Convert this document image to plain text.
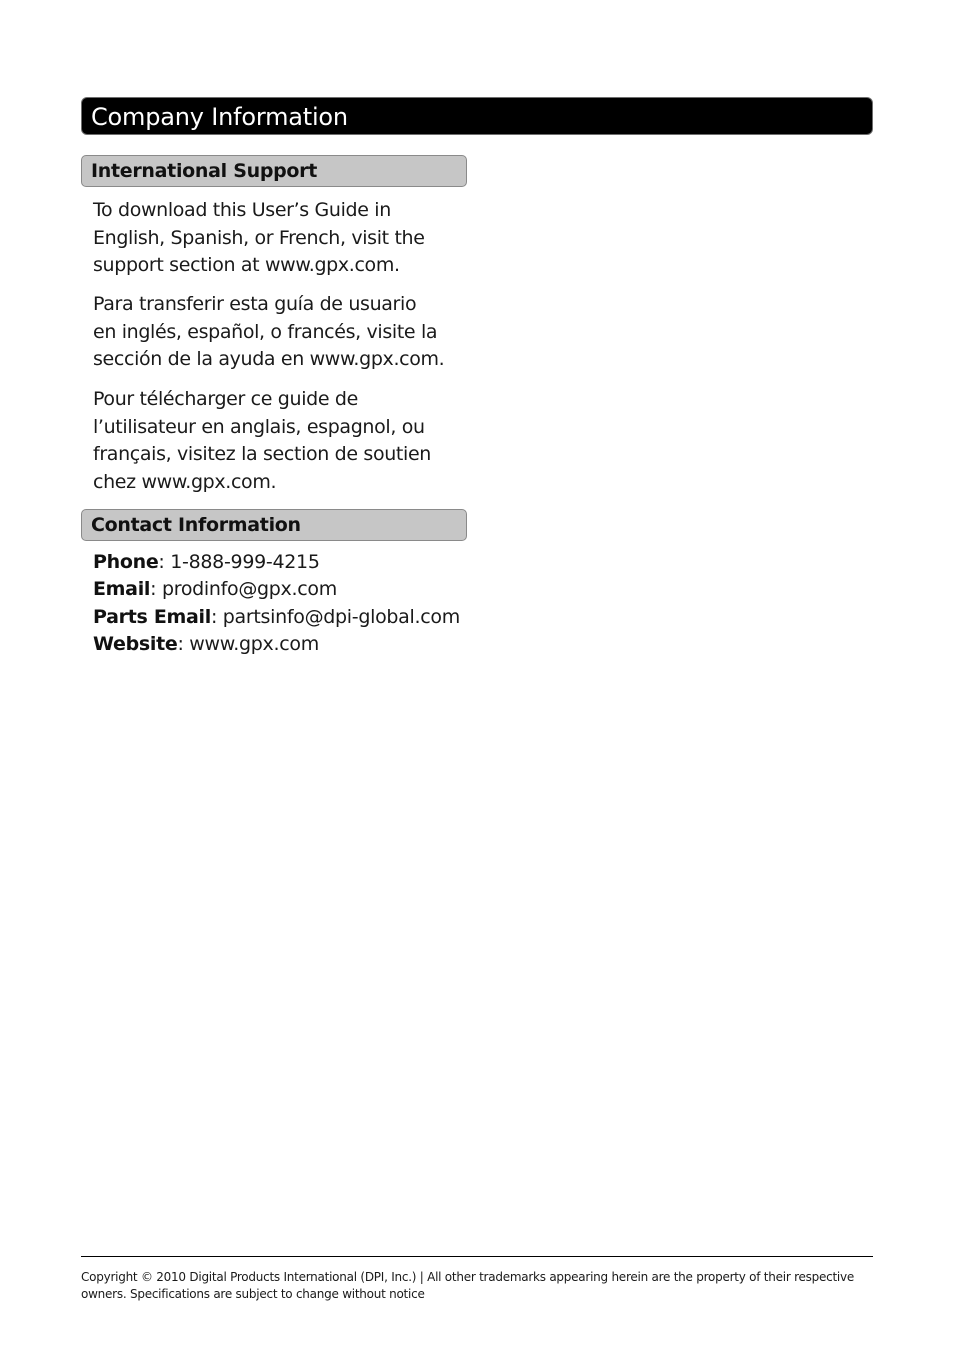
Company Information
International Support
To download this User’s Guide in
English, Spanish, or French, visit the
support section at www.gpx.com.
Para transferir esta guía de usuario
en inglés, español, o francés, visite la
sección de la ayuda en www.gpx.com.
Pour télécharger ce guide de
l’utilisateur en anglais, espagnol, ou
français, visitez la section de soutien
chez www.gpx.com.
Contact Information
Phone: 1-888-999-4215
Email: prodinfo@gpx.com
Parts Email: partsinfo@dpi-global.com
Website: www.gpx.com
Copyright © 2010 Digital Products International (DPI, Inc.) | All other trademarks appearing herein are the property of their respective
owners. Specifications are subject to change without notice
